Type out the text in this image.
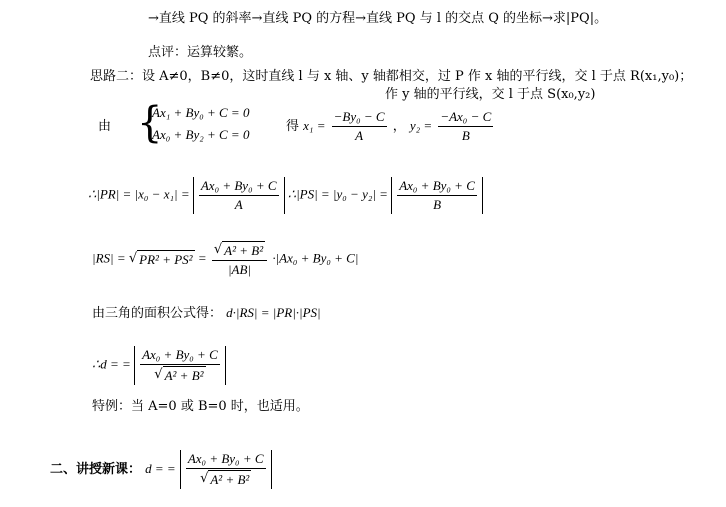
→直线 PQ 的斜率→直线 PQ 的方程→直线 PQ 与 l 的交点 Q 的坐标→求|PQ|。
点评：运算较繁。
思路二：设 A≠0，B≠0，这时直线 l 与 x 轴、y 轴都相交，过 P 作 x 轴的平行线，交 l 于点 R(x₁,y₀)；
作 y 轴的平行线，交 l 于点 S(x₀,y₂)
由 {
Ax₁ + By₀ + C = 0
Ax₀ + By₂ + C = 0
得 $x_1 = \frac{\text{−By₀ − C}}{A}$ ， $y_2 = \frac{\text{−Ax₀ − C}}{B}$
∴|PR| = $|x_0 - x_1| = \frac{\text{Ax₀ + By₀ + C}}{A}$ ∴|PS| = $|y_0 - y_2| = \frac{\text{Ax₀ + By₀ + C}}{B}$
|RS| = √ $PR^2 + PS^2 = \frac{\text{√ A² + B²}}{|AB|} \cdot|Ax_0 + By_0 + C|$
由三角的面积公式得： d·|RS| = |PR|·|PS|
∴d = = $\frac{\text{Ax₀ + By₀ + C}}{\text{√ A² + B²}}$
特例：当 A=0 或 B=0 时，也适用。
二、讲授新课： d = = $\frac{\text{Ax₀ + By₀ + C}}{\text{√ A² + B²}}$
